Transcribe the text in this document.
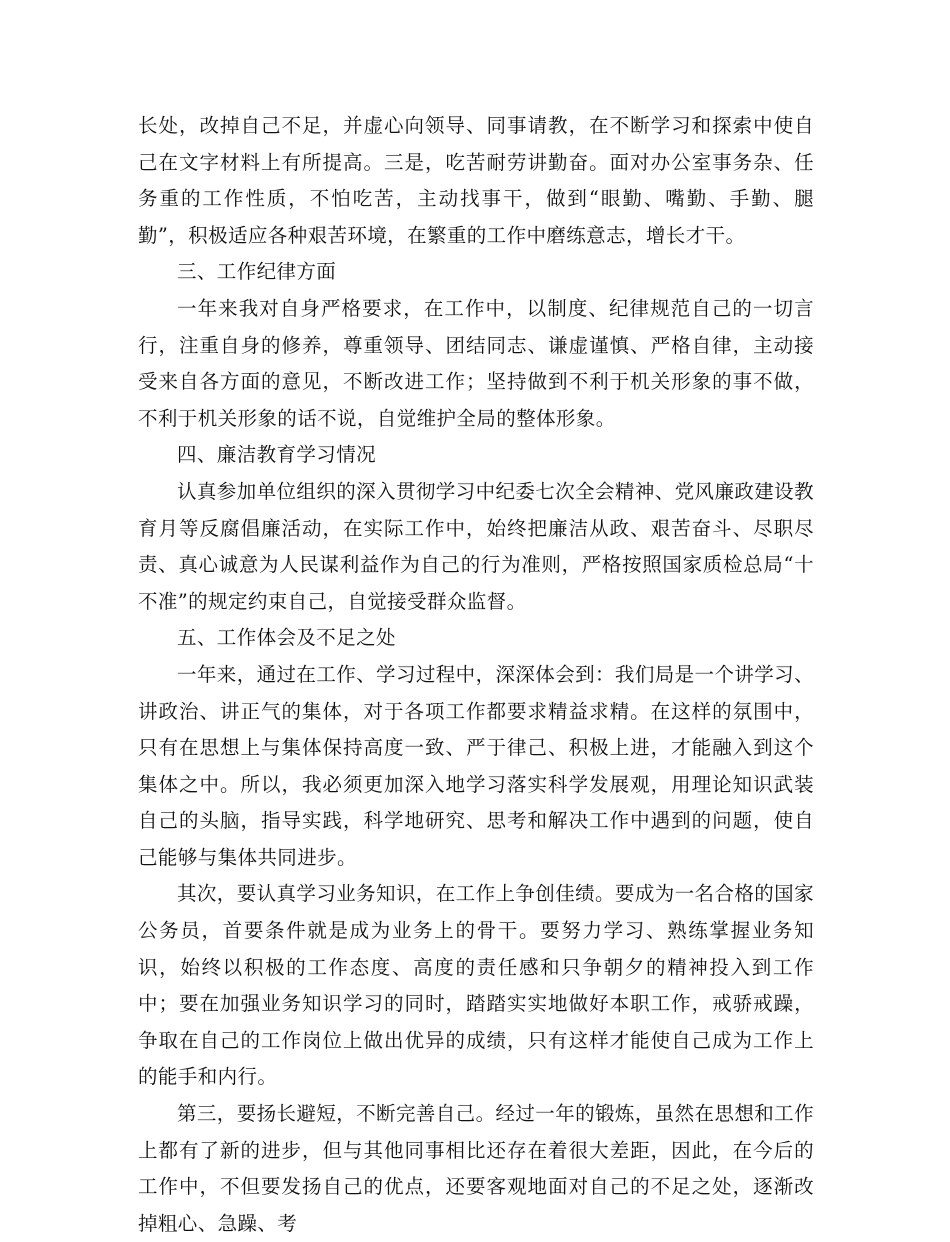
长处，改掉自己不足，并虚心向领导、同事请教，在不断学习和探索中使自己在文字材料上有所提高。三是，吃苦耐劳讲勤奋。面对办公室事务杂、任务重的工作性质，不怕吃苦，主动找事干，做到“眼勤、嘴勤、手勤、腿勤”，积极适应各种艰苦环境，在繁重的工作中磨练意志，增长才干。

三、工作纪律方面

一年来我对自身严格要求，在工作中，以制度、纪律规范自己的一切言行，注重自身的修养，尊重领导、团结同志、谦虚谨慎、严格自律，主动接受来自各方面的意见，不断改进工作；坚持做到不利于机关形象的事不做，不利于机关形象的话不说，自觉维护全局的整体形象。

四、廉洁教育学习情况

认真参加单位组织的深入贯彻学习中纪委七次全会精神、党风廉政建设教育月等反腐倡廉活动，在实际工作中，始终把廉洁从政、艰苦奋斗、尽职尽责、真心诚意为人民谋利益作为自己的行为准则，严格按照国家质检总局“十不准”的规定约束自己，自觉接受群众监督。

五、工作体会及不足之处

一年来，通过在工作、学习过程中，深深体会到：我们局是一个讲学习、讲政治、讲正气的集体，对于各项工作都要求精益求精。在这样的氛围中，只有在思想上与集体保持高度一致、严于律己、积极上进，才能融入到这个集体之中。所以，我必须更加深入地学习落实科学发展观，用理论知识武装自己的头脑，指导实践，科学地研究、思考和解决工作中遇到的问题，使自己能够与集体共同进步。

其次，要认真学习业务知识，在工作上争创佳绩。要成为一名合格的国家公务员，首要条件就是成为业务上的骨干。要努力学习、熟练掌握业务知识，始终以积极的工作态度、高度的责任感和只争朝夕的精神投入到工作中；要在加强业务知识学习的同时，踏踏实实地做好本职工作，戒骄戒躁，争取在自己的工作岗位上做出优异的成绩，只有这样才能使自己成为工作上的能手和内行。

第三，要扬长避短，不断完善自己。经过一年的锻炼，虽然在思想和工作上都有了新的进步，但与其他同事相比还存在着很大差距，因此，在今后的工作中，不但要发扬自己的优点，还要客观地面对自己的不足之处，逐渐改掉粗心、急躁、考
